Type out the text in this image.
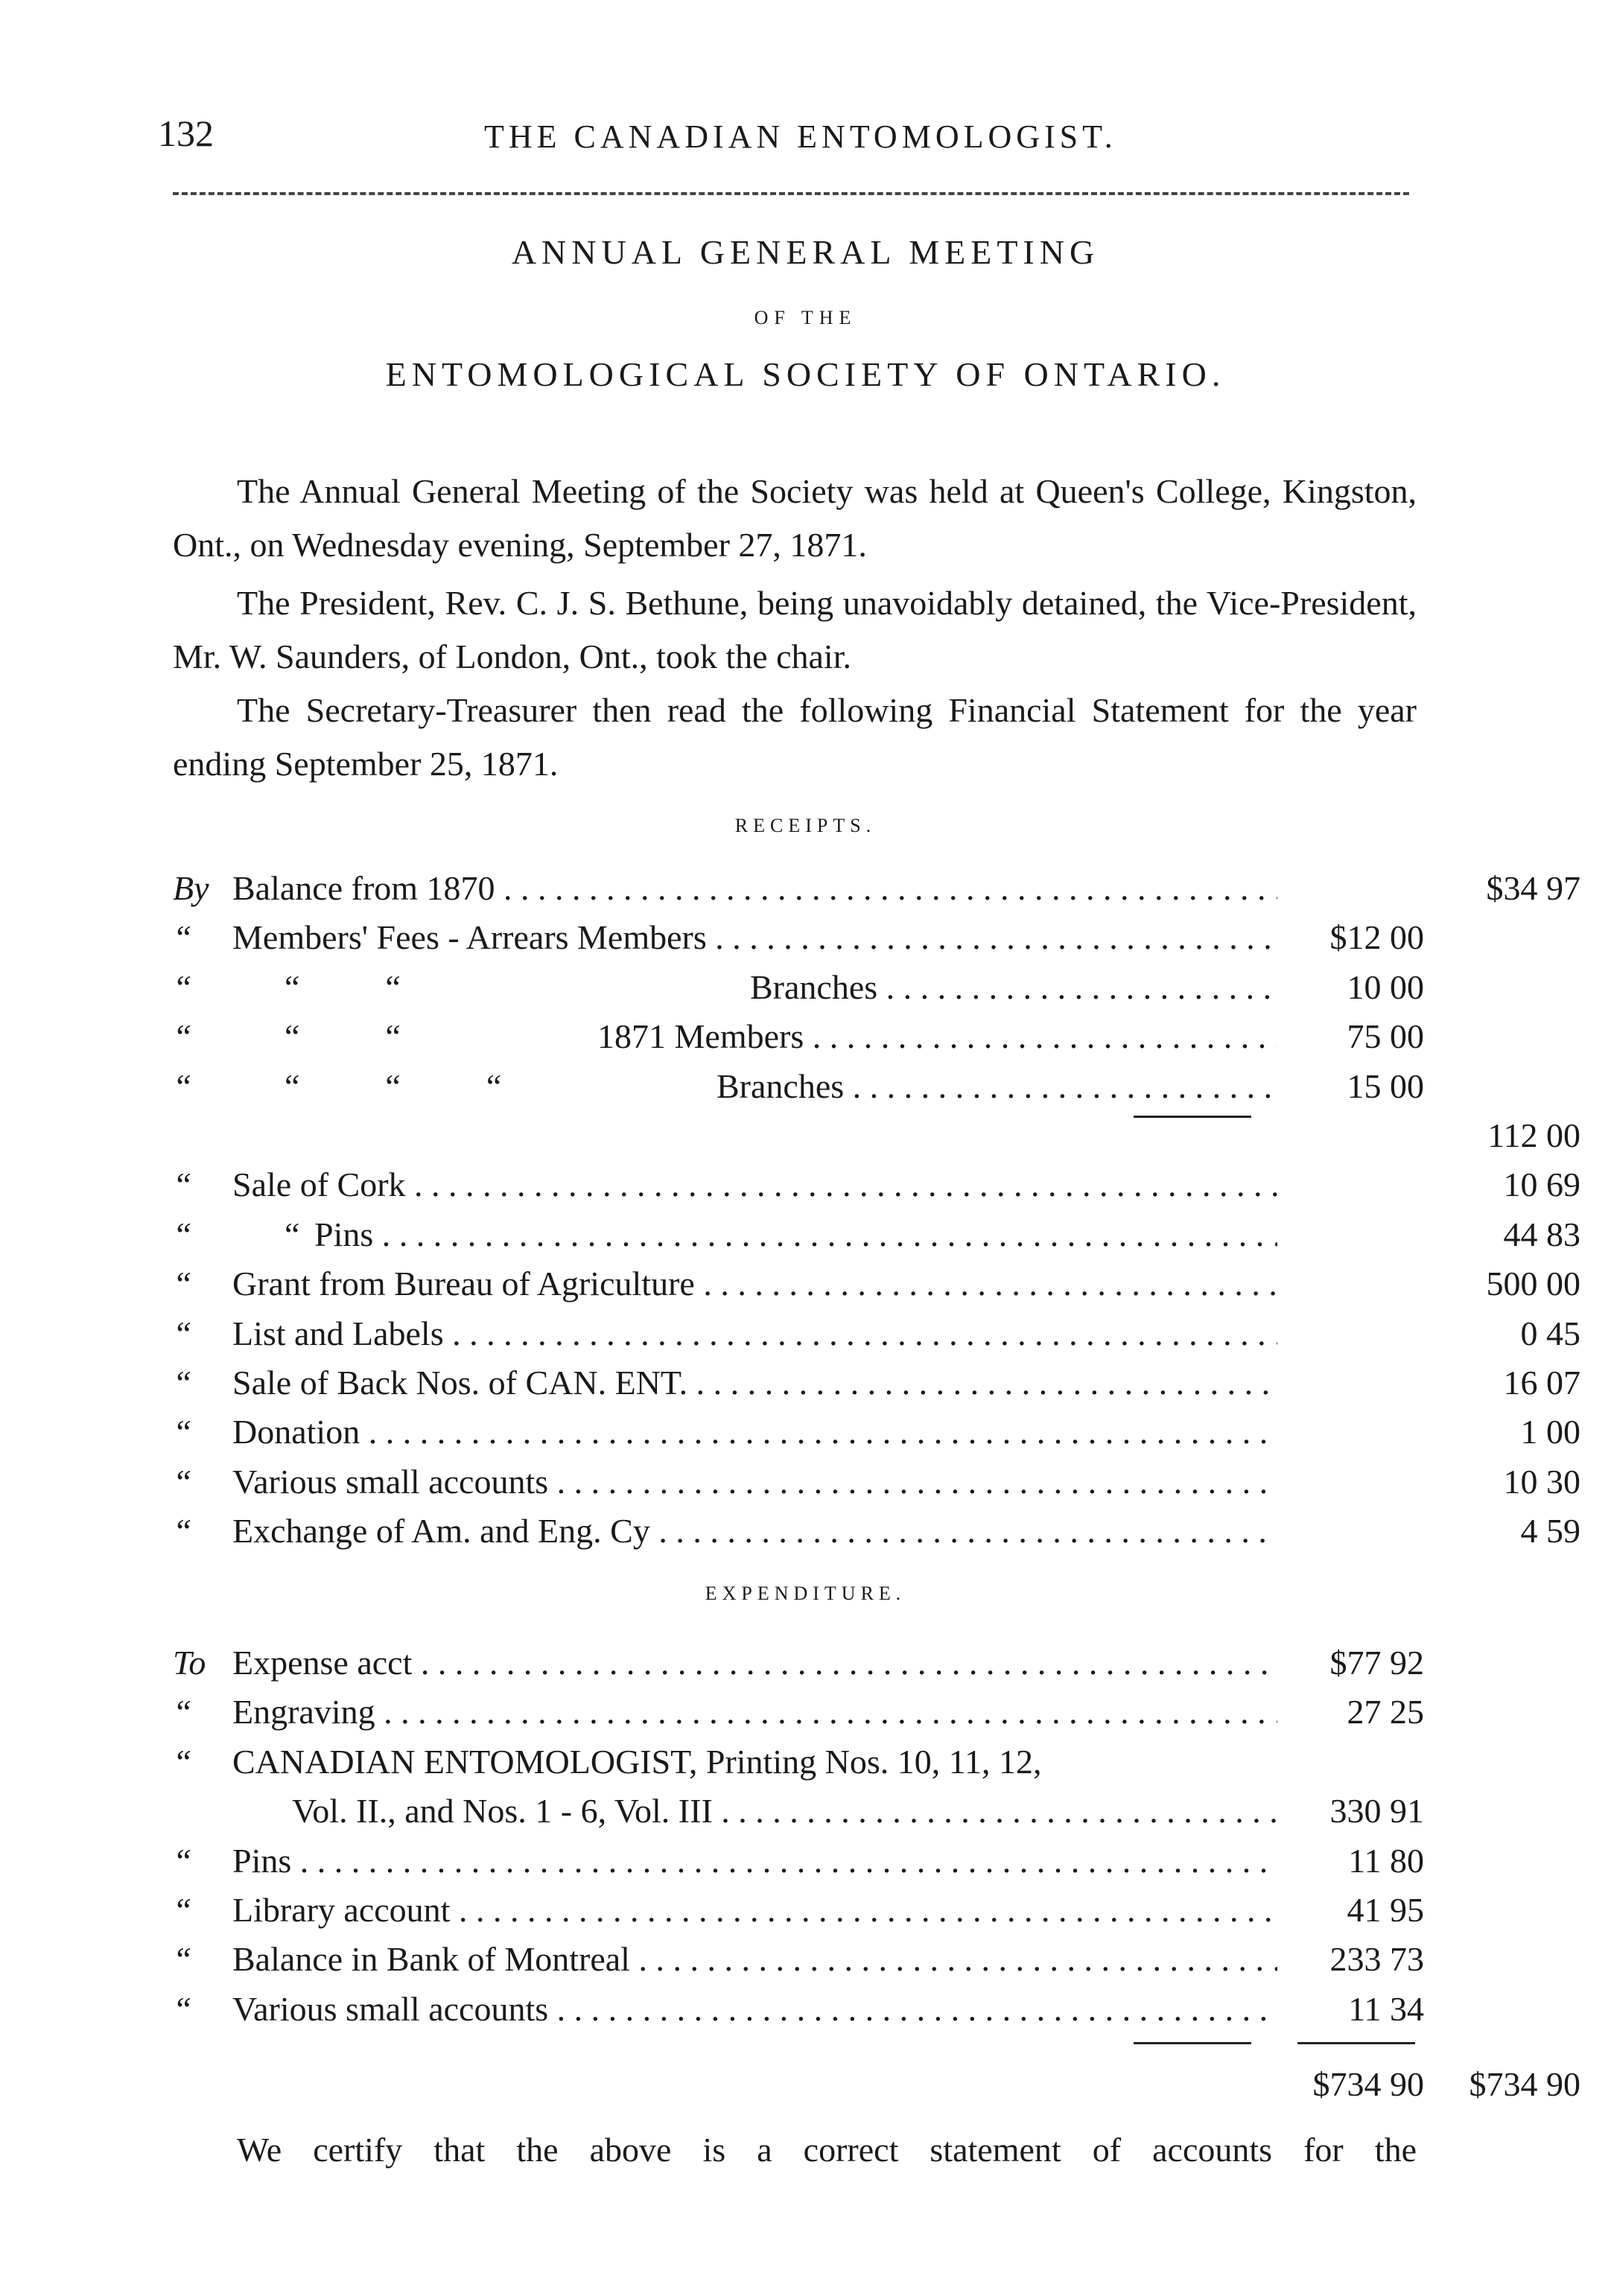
132	THE CANADIAN ENTOMOLOGIST.
ANNUAL GENERAL MEETING
OF THE
ENTOMOLOGICAL SOCIETY OF ONTARIO.
The Annual General Meeting of the Society was held at Queen's College, Kingston, Ont., on Wednesday evening, September 27, 1871.
The President, Rev. C. J. S. Bethune, being unavoidably detained, the Vice-President, Mr. W. Saunders, of London, Ont., took the chair.
The Secretary-Treasurer then read the following Financial Statement for the year ending September 25, 1871.
RECEIPTS.
By Balance from 1870 . . .	$34 97
“	Members' Fees - Arrears Members . . .	$12 00
“	“          “	Branches . . .	10 00
“	“          “	1871 Members . . .	75 00
“	“          “          “	Branches . . .	15 00
112 00
“	Sale of Cork . . .	10 69
“	“ Pins . . .	44 83
“	Grant from Bureau of Agriculture . . .	500 00
“	List and Labels . . .	0 45
“	Sale of Back Nos. of CAN. ENT. . . .	16 07
“	Donation . . .	1 00
“	Various small accounts . . .	10 30
“	Exchange of Am. and Eng. Cy . . .	4 59
EXPENDITURE.
To Expense acct . . .	$77 92
“	Engraving . . .	27 25
“	CANADIAN ENTOMOLOGIST, Printing Nos. 10, 11, 12,
Vol. II., and Nos. 1 - 6, Vol. III . . .	330 91
“	Pins . . .	11 80
“	Library account . . .	41 95
“	Balance in Bank of Montreal . . .	233 73
“	Various small accounts . . .	11 34
$734 90	$734 90
We certify that the above is a correct statement of accounts for the
